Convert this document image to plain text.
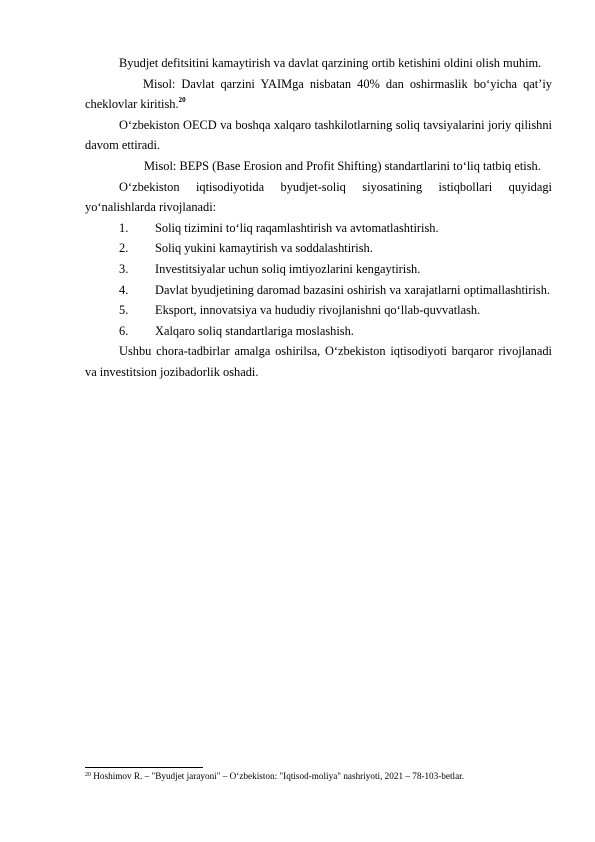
Byudjet defitsitini kamaytirish va davlat qarzining ortib ketishini oldini olish muhim.

Misol: Davlat qarzini YAIMga nisbatan 40% dan oshirmaslik bo‘yicha qat’iy cheklovlar kiritish.$^{20}$

O‘zbekiston OECD va boshqa xalqaro tashkilotlarning soliq tavsiyalarini joriy qilishni davom ettiradi.

Misol: BEPS (Base Erosion and Profit Shifting) standartlarini to‘liq tatbiq etish.

O‘zbekiston iqtisodiyotida byudjet-soliq siyosatining istiqbollari quyidagi yo‘nalishlarda rivojlanadi:

1. Soliq tizimini to‘liq raqamlashtirish va avtomatlashtirish.
2. Soliq yukini kamaytirish va soddalashtirish.
3. Investitsiyalar uchun soliq imtiyozlarini kengaytirish.
4. Davlat byudjetining daromad bazasini oshirish va xarajatlarni optimallashtirish.
5. Eksport, innovatsiya va hududiy rivojlanishni qo‘llab-quvvatlash.
6. Xalqaro soliq standartlariga moslashish.

Ushbu chora-tadbirlar amalga oshirilsa, O‘zbekiston iqtisodiyoti barqaror rivojlanadi va investitsion jozibadorlik oshadi.

$^{20}$ Hoshimov R. – "Byudjet jarayoni" – O‘zbekiston: "Iqtisod-moliya" nashriyoti, 2021 – 78-103-betlar.
